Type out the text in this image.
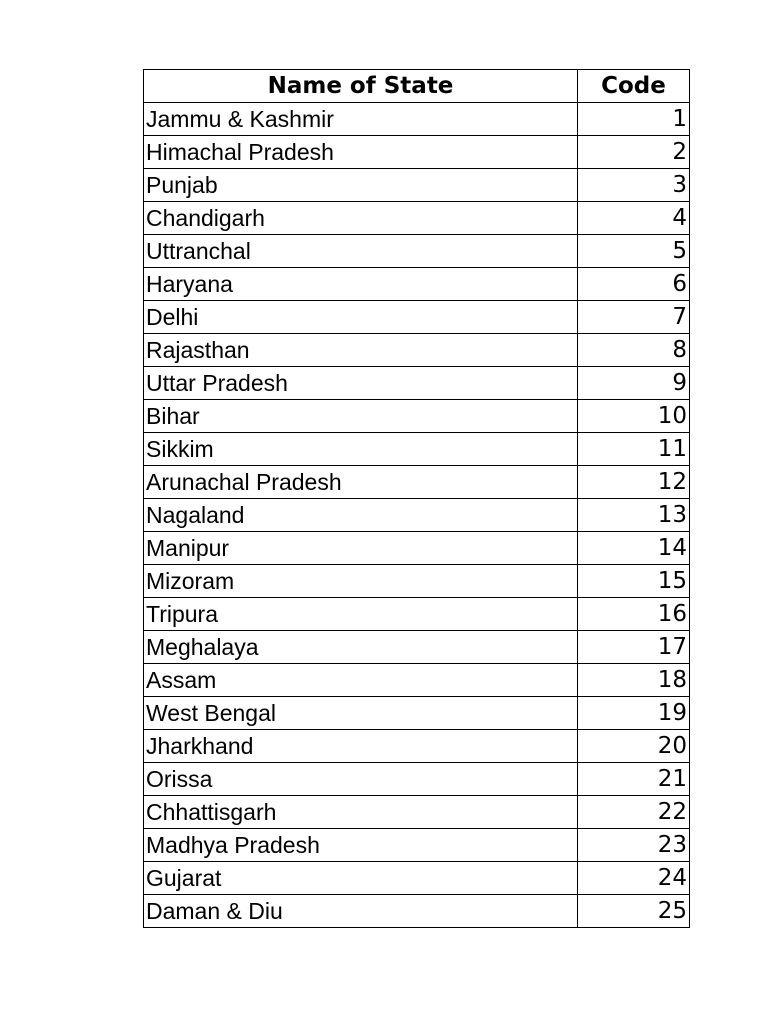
Name of State	Code
Jammu & Kashmir	1
Himachal Pradesh	2
Punjab	3
Chandigarh	4
Uttranchal	5
Haryana	6
Delhi	7
Rajasthan	8
Uttar Pradesh	9
Bihar	10
Sikkim	11
Arunachal Pradesh	12
Nagaland	13
Manipur	14
Mizoram	15
Tripura	16
Meghalaya	17
Assam	18
West Bengal	19
Jharkhand	20
Orissa	21
Chhattisgarh	22
Madhya Pradesh	23
Gujarat	24
Daman & Diu	25
